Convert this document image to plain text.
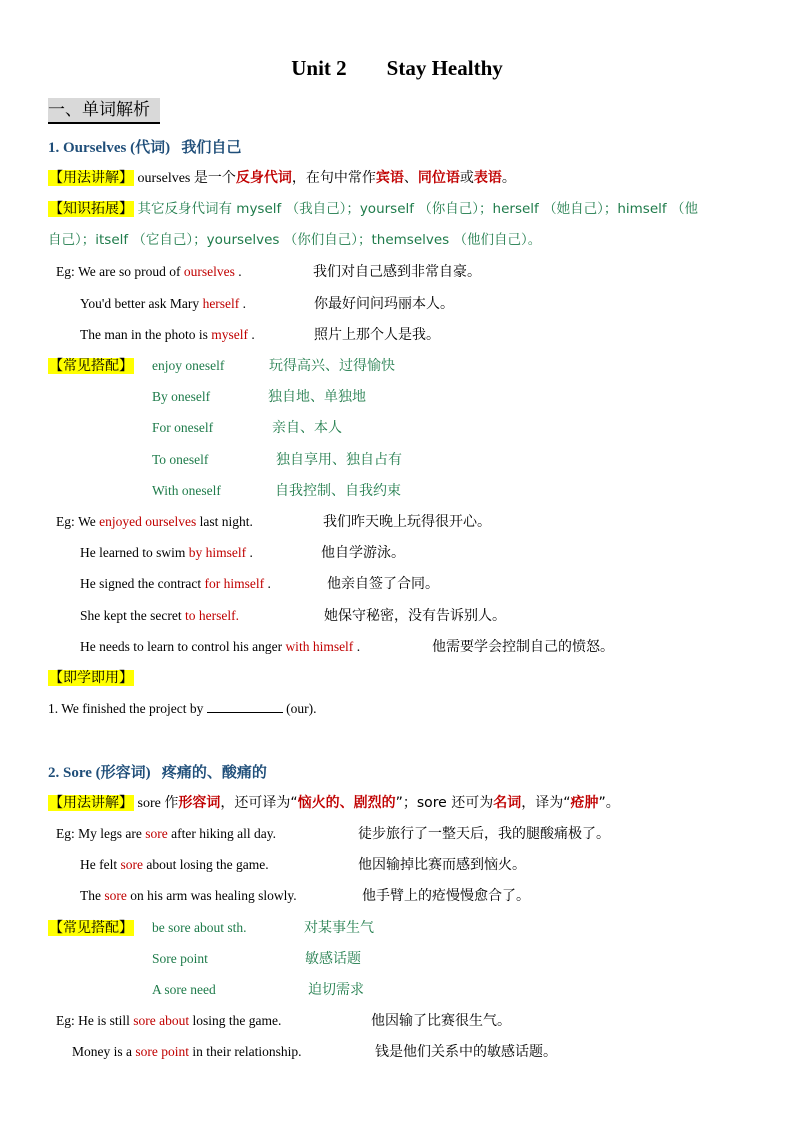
Unit 2 Stay Healthy
一、单词解析
1. Ourselves (代词) 我们自己
【用法讲解】 ourselves 是一个反身代词，在句中常作宾语、同位语或表语。
【知识拓展】 其它反身代词有 myself （我自己）；yourself （你自己）；herself （她自己）；himself （他
自己）；itself （它自己）；yourselves （你们自己）；themselves （他们自己）。
Eg: We are so proud of ourselves .	我们对自己感到非常自豪。
You'd better ask Mary herself .	你最好问问玛丽本人。
The man in the photo is myself .	照片上那个人是我。
【常见搭配】 enjoy oneself	玩得高兴、过得愉快
By oneself	独自地、单独地
For oneself	亲自、本人
To oneself	独自享用、独自占有
With oneself	自我控制、自我约束
Eg: We enjoyed ourselves last night.	我们昨天晚上玩得很开心。
He learned to swim by himself .	他自学游泳。
He signed the contract for himself .	他亲自签了合同。
She kept the secret to herself.	她保守秘密，没有告诉别人。
He needs to learn to control his anger with himself .	他需要学会控制自己的愤怒。
【即学即用】
1. We finished the project by	(our).
2. Sore (形容词) 疼痛的、酸痛的
【用法讲解】 sore 作形容词，还可译为“恼火的、剧烈的”；sore 还可为名词，译为“疮肿”。
Eg: My legs are sore after hiking all day.	徒步旅行了一整天后，我的腿酸痛极了。
He felt sore about losing the game.	他因输掉比赛而感到恼火。
The sore on his arm was healing slowly.	他手臂上的疮慢慢愈合了。
【常见搭配】 be sore about sth.	对某事生气
Sore point	敏感话题
A sore need	迫切需求
Eg: He is still sore about losing the game.	他因输了比赛很生气。
Money is a sore point in their relationship.	钱是他们关系中的敏感话题。
